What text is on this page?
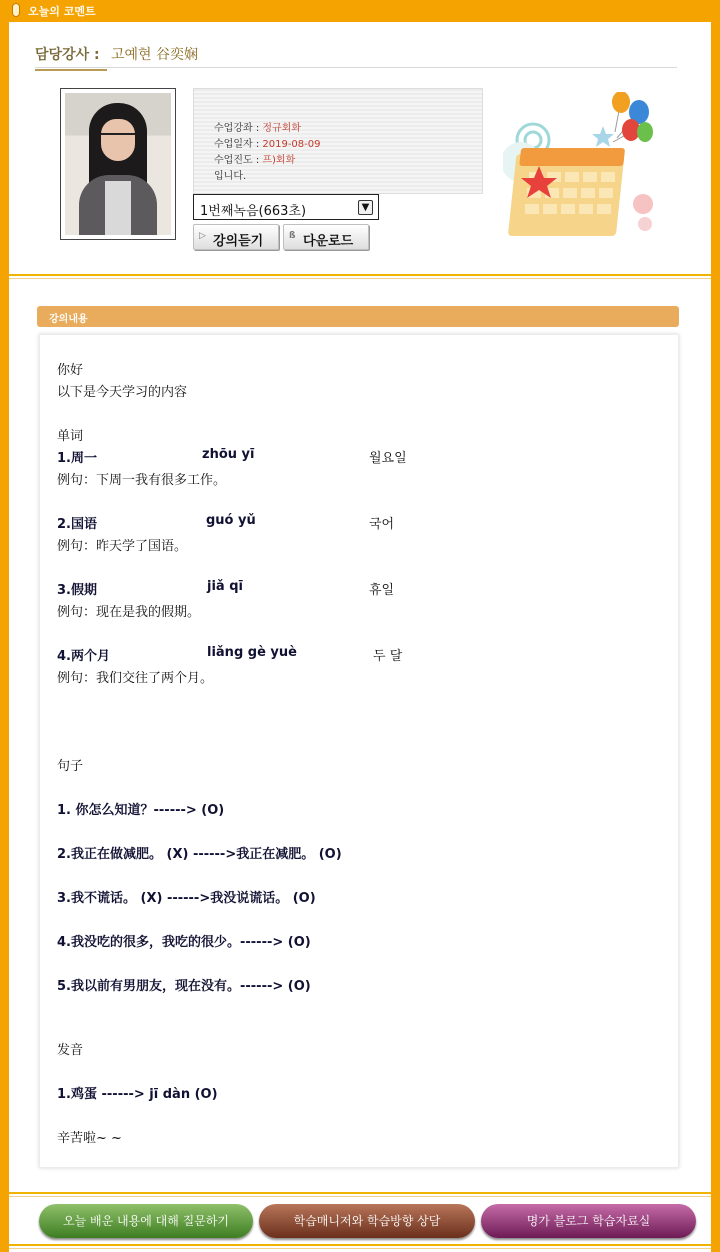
오늘의 코멘트
담당강사 : 고예현 谷奕娴
수업강좌 : 정규회화
수업일자 : 2019-08-09
수업진도 : 프)회화
입니다.
1번째녹음(663초)	▼
▷ 강의듣기	ß 다운로드
강의내용
你好
以下是今天学习的内容
单词
1.周一	zhōu yī	월요일
例句：下周一我有很多工作。
2.国语	guó yǔ	국어
例句：昨天学了国语。
3.假期	jiǎ qī	휴일
例句：现在是我的假期。
4.两个月	liǎng gè yuè	두 달
例句：我们交往了两个月。
句子
1. 你怎么知道？------> (O)
2.我正在做减肥。 (X) ------>我正在减肥。 (O)
3.我不谎话。 (X) ------>我没说谎话。 (O)
4.我没吃的很多，我吃的很少。------> (O)
5.我以前有男朋友，现在没有。------> (O)
发音
1.鸡蛋 ------> jī dàn (O)
辛苦啦~ ~
오늘 배운 내용에 대해 질문하기	학습매니저와 학습방향 상담	명가 블로그 학습자료실
